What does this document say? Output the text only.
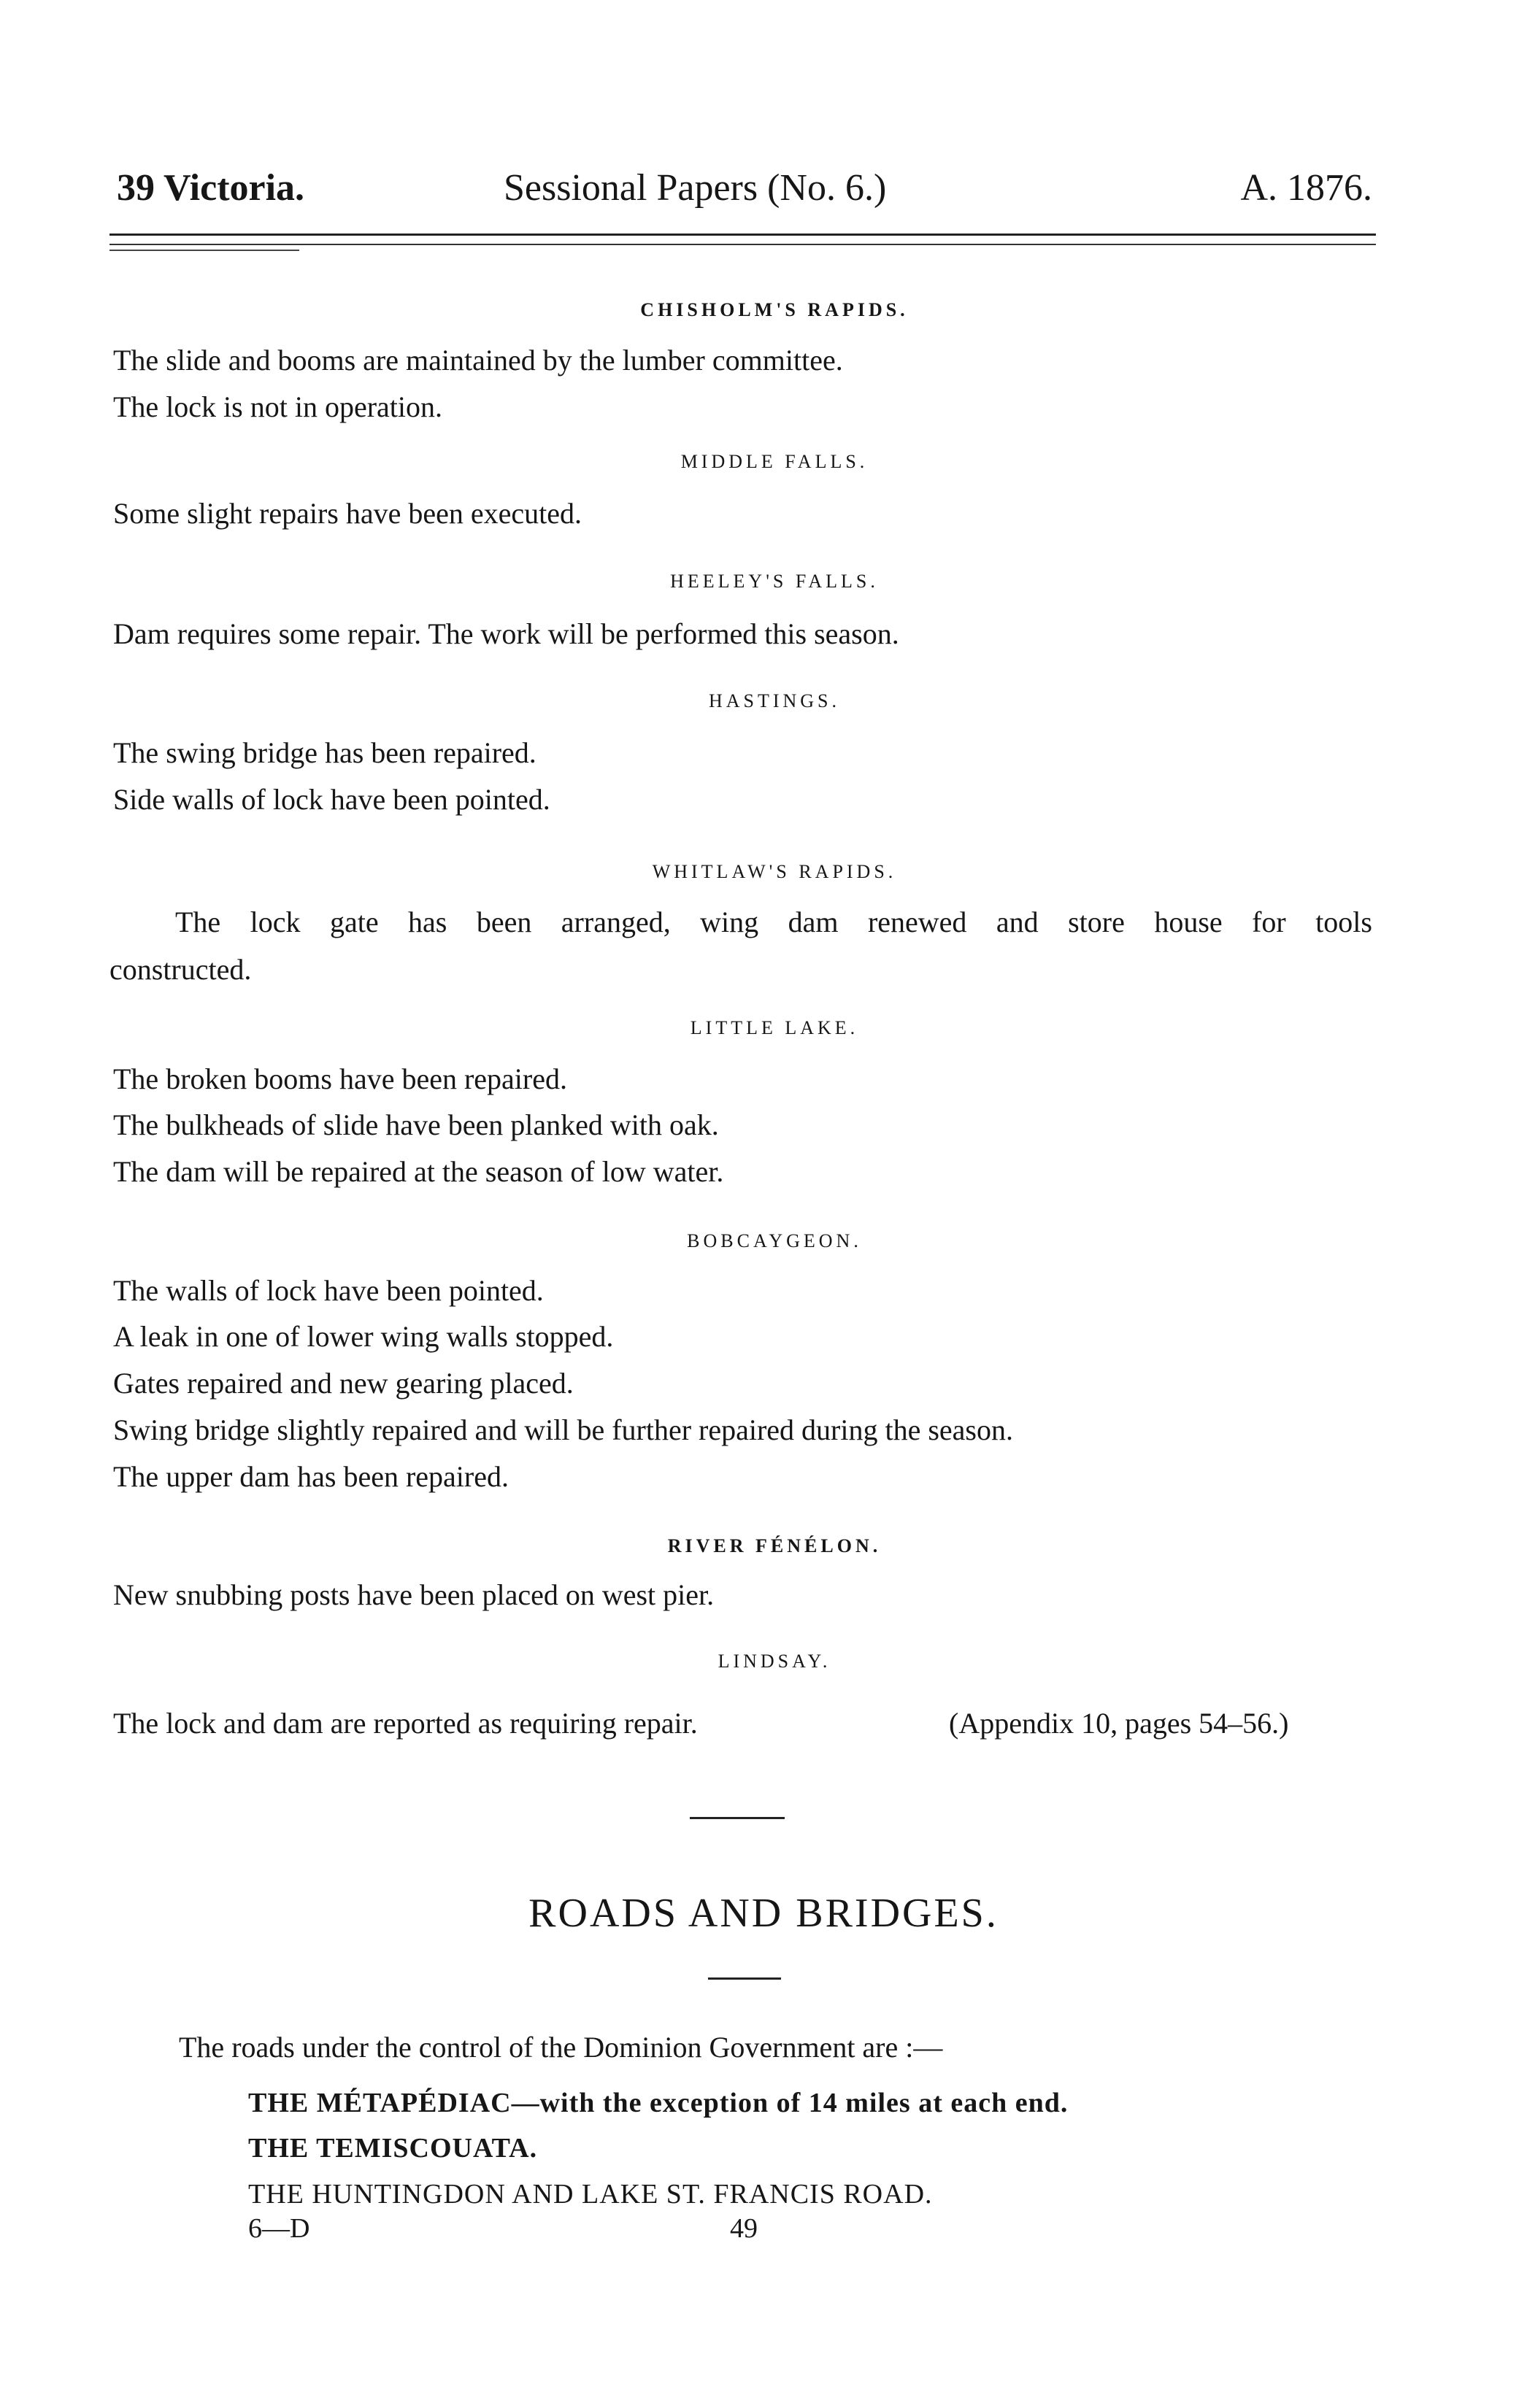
39 Victoria.	Sessional Papers (No. 6.)	A. 1876.
CHISHOLM'S RAPIDS.
The slide and booms are maintained by the lumber committee.
The lock is not in operation.
MIDDLE FALLS.
Some slight repairs have been executed.
HEELEY'S FALLS.
Dam requires some repair. The work will be performed this season.
HASTINGS.
The swing bridge has been repaired.
Side walls of lock have been pointed.
WHITLAW'S RAPIDS.
The lock gate has been arranged, wing dam renewed and store house for tools
constructed.
LITTLE LAKE.
The broken booms have been repaired.
The bulkheads of slide have been planked with oak.
The dam will be repaired at the season of low water.
BOBCAYGEON.
The walls of lock have been pointed.
A leak in one of lower wing walls stopped.
Gates repaired and new gearing placed.
Swing bridge slightly repaired and will be further repaired during the season.
The upper dam has been repaired.
RIVER FÉNÉLON.
New snubbing posts have been placed on west pier.
LINDSAY.
The lock and dam are reported as requiring repair.	(Appendix 10, pages 54–56.)
ROADS AND BRIDGES.
The roads under the control of the Dominion Government are :—
THE MÉTAPÉDIAC—with the exception of 14 miles at each end.
THE TEMISCOUATA.
THE HUNTINGDON AND LAKE ST. FRANCIS ROAD.
6—D	49
